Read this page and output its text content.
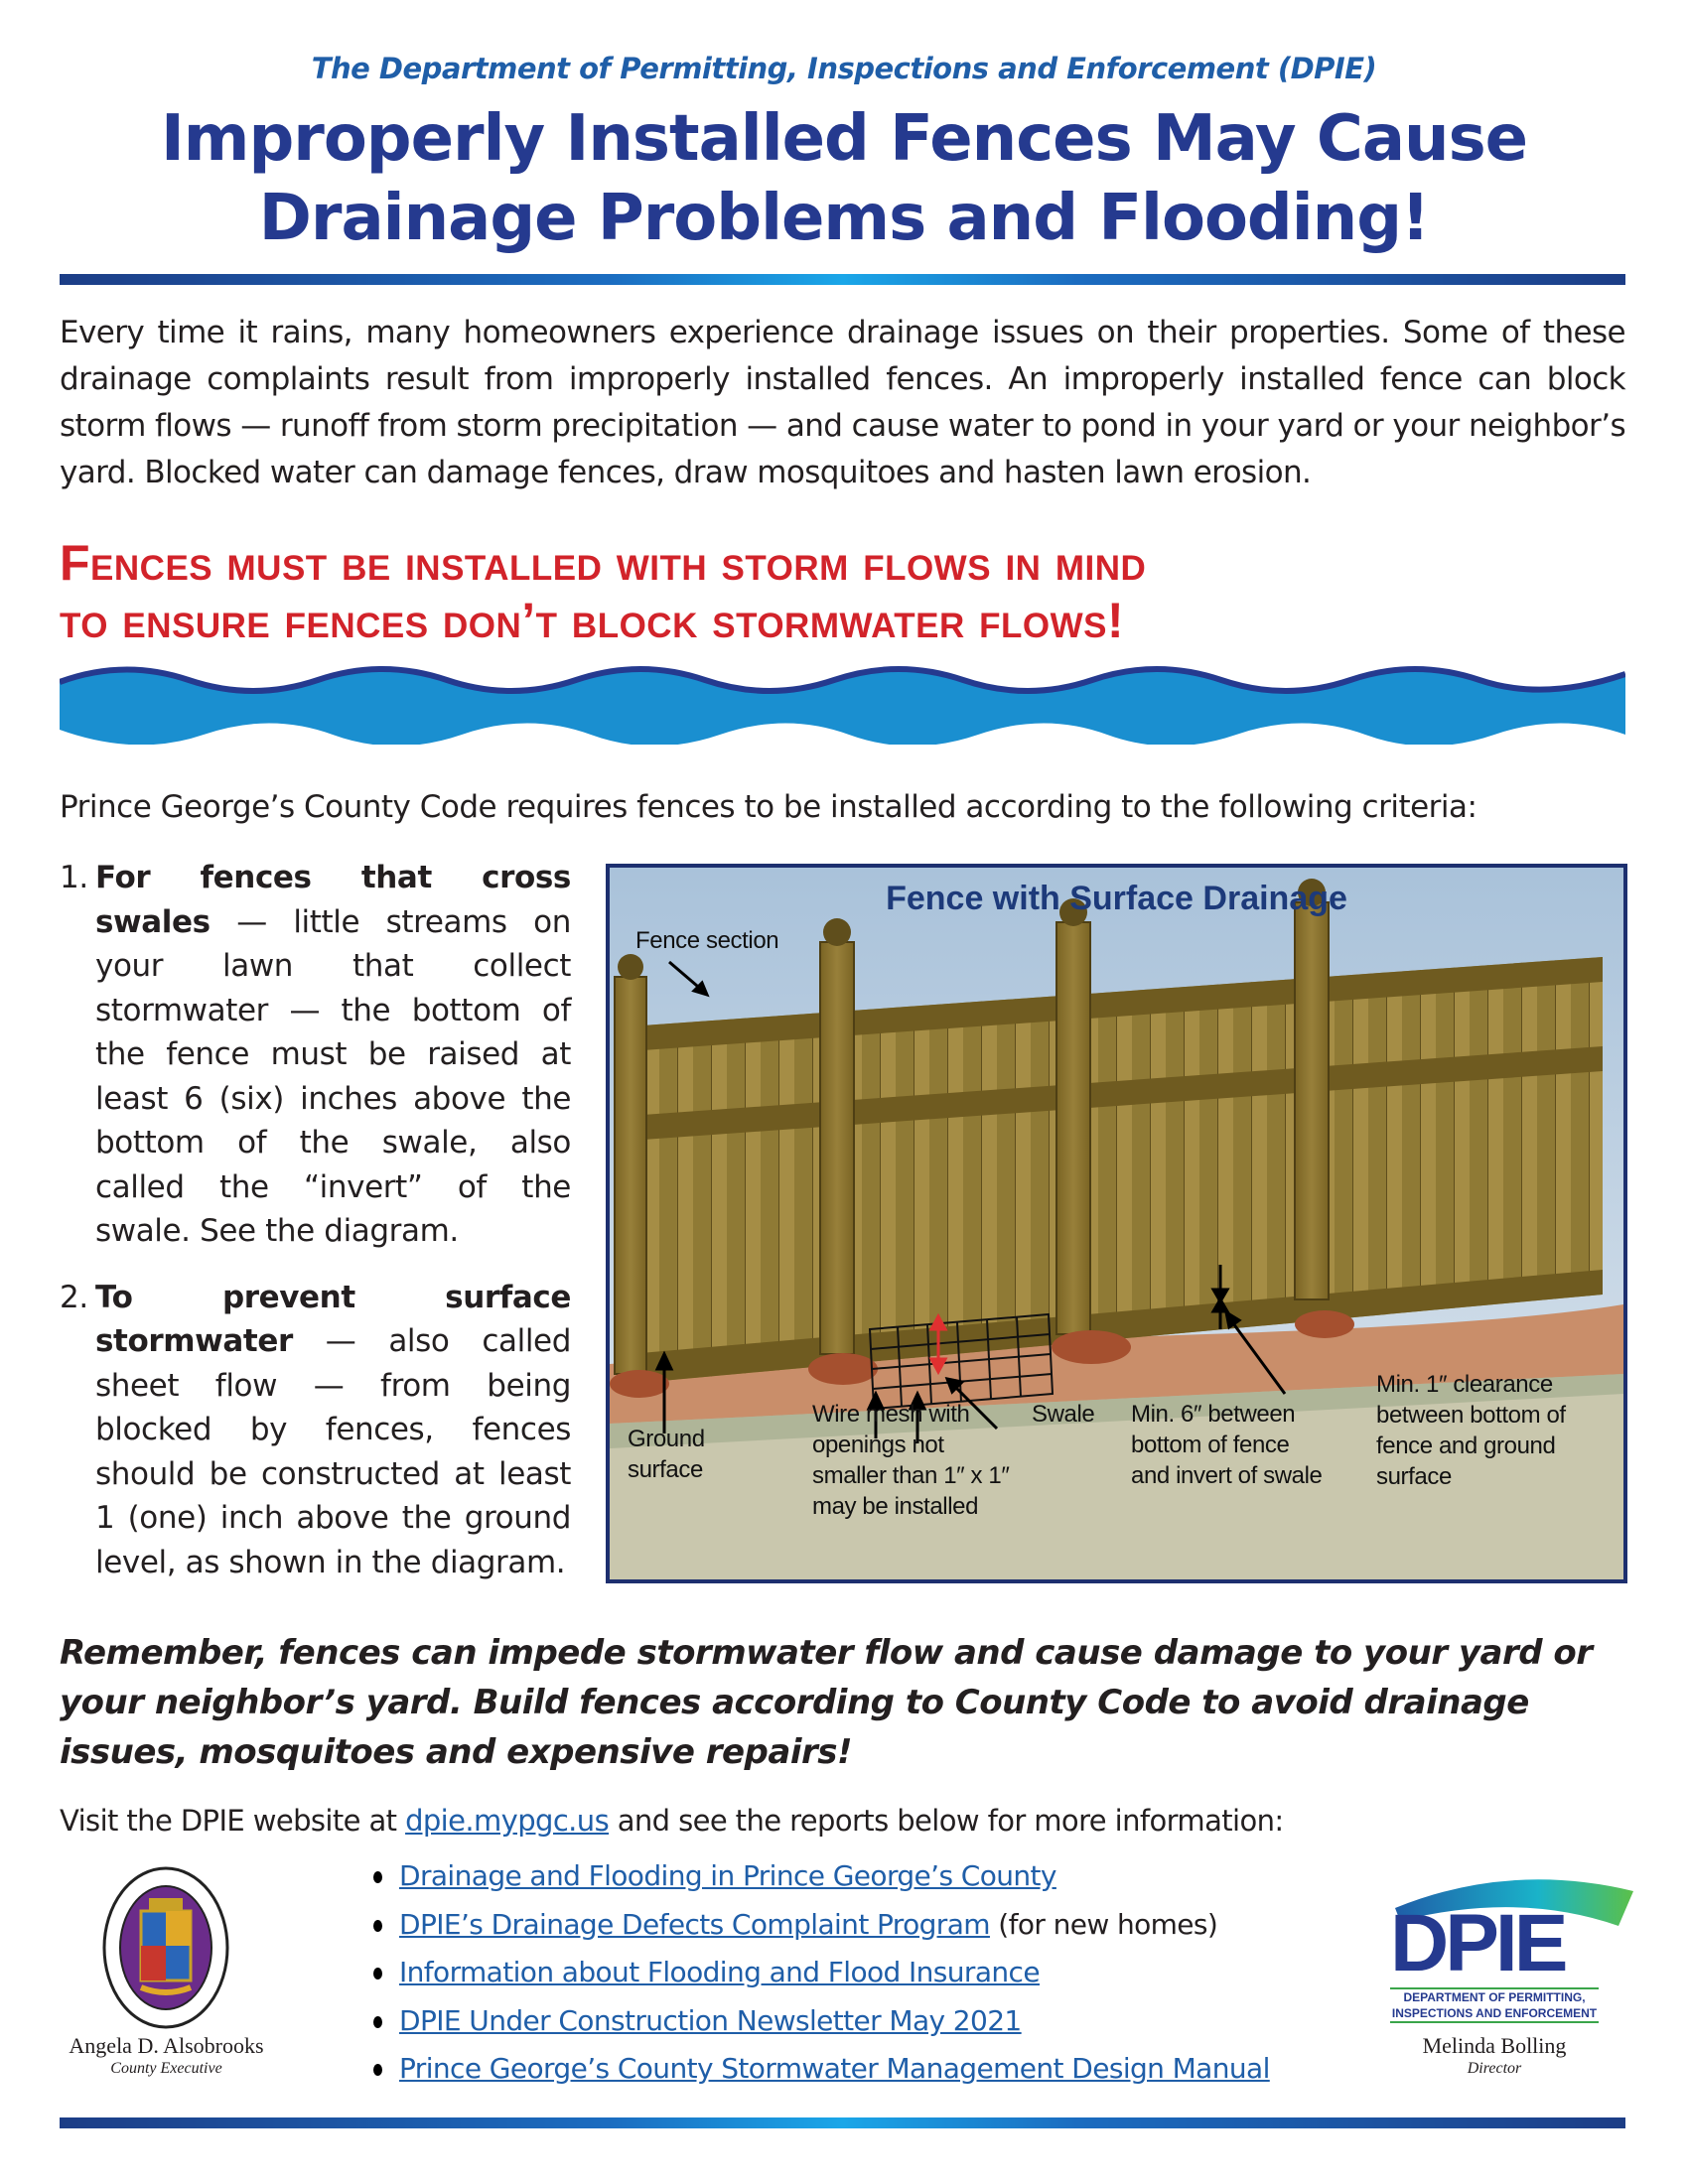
The Department of Permitting, Inspections and Enforcement (DPIE)
Improperly Installed Fences May Cause
Drainage Problems and Flooding!
Every time it rains, many homeowners experience drainage issues on their properties. Some of these drainage complaints result from improperly installed fences. An improperly installed fence can block storm flows — runoff from storm precipitation — and cause water to pond in your yard or your neighbor’s yard. Blocked water can damage fences, draw mosquitoes and hasten lawn erosion.
Fences must be installed with storm flows in mind
to ensure fences don’t block stormwater flows!
Prince George’s County Code requires fences to be installed according to the following criteria:
1. For fences that cross swales — little streams on your lawn that collect stormwater — the bottom of the fence must be raised at least 6 (six) inches above the bottom of the swale, also called the “invert” of the swale. See the diagram.
2. To prevent surface stormwater — also called sheet flow — from being blocked by fences, fences should be constructed at least 1 (one) inch above the ground level, as shown in the diagram.
Fence with Surface Drainage
Fence section
Ground
surface
Wire mesh with
openings not
smaller than 1″ x 1″
may be installed
Swale Min. 6″ between
bottom of fence
and invert of swale
Min. 1″ clearance
between bottom of
fence and ground
surface
Remember, fences can impede stormwater flow and cause damage to your yard or your neighbor’s yard. Build fences according to County Code to avoid drainage issues, mosquitoes and expensive repairs!
Visit the DPIE website at dpie.mypgc.us and see the reports below for more information:
Drainage and Flooding in Prince George’s County
DPIE’s Drainage Defects Complaint Program (for new homes)
Information about Flooding and Flood Insurance
DPIE Under Construction Newsletter May 2021
Prince George’s County Stormwater Management Design Manual
Angela D. Alsobrooks
County Executive
DPIE
DEPARTMENT OF PERMITTING,
INSPECTIONS AND ENFORCEMENT
Melinda Bolling
Director
